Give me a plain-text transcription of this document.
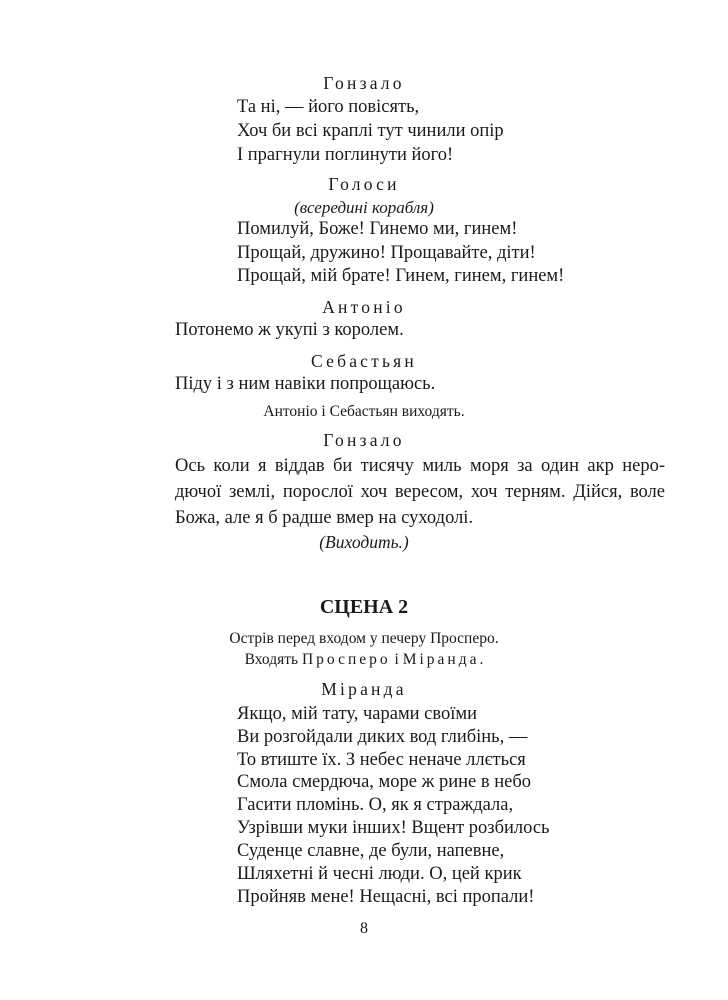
Гонзало
Та ні, — його повісять,
Хоч би всі краплі тут чинили опір
І прагнули поглинути його!
Голоси
(всередині корабля)
Помилуй, Боже! Гинемо ми, гинем!
Прощай, дружино! Прощавайте, діти!
Прощай, мій брате! Гинем, гинем, гинем!
Антоніо
Потонемо ж укупі з королем.
Себастьян
Піду і з ним навіки попрощаюсь.
Антоніо і Себастьян виходять.
Гонзало
Ось коли я віддав би тисячу миль моря за один акр неро-
дючої землі, порослої хоч вересом, хоч терням. Дійся, воле
Божа, але я б радше вмер на суходолі.
(Виходить.)
СЦЕНА 2
Острів перед входом у печеру Просперо.
Входять Просперо і Міранда.
Міранда
Якщо, мій тату, чарами своїми
Ви розгойдали диких вод глибінь, —
То втиште їх. З небес неначе ллється
Смола смердюча, море ж рине в небо
Гасити пломінь. О, як я страждала,
Узрівши муки інших! Вщент розбилось
Суденце славне, де були, напевне,
Шляхетні й чесні люди. О, цей крик
Пройняв мене! Нещасні, всі пропали!
8
